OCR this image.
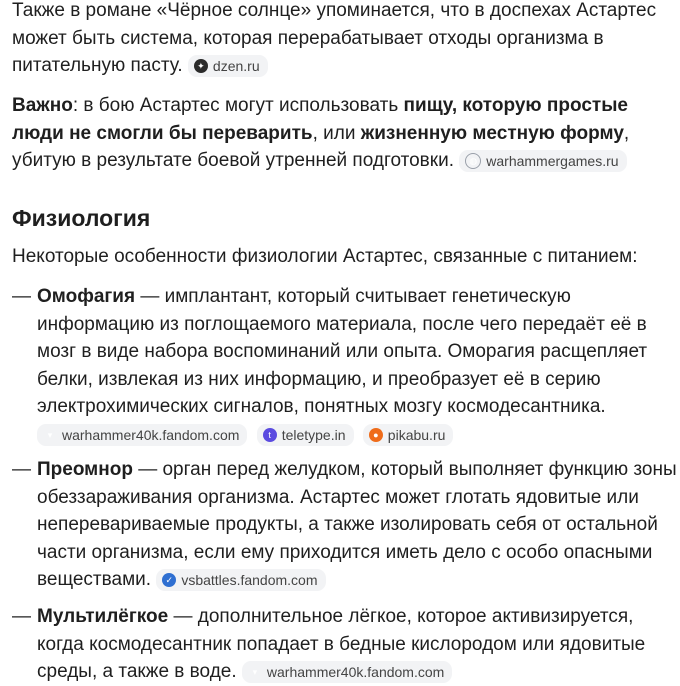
Также в романе «Чёрное солнце» упоминается, что в доспехах Астартес может быть система, которая перерабатывает отходы организма в питательную пасту.	✦ dzen.ru

Важно: в бою Астартес могут использовать пищу, которую простые люди не смогли бы переварить, или жизненную местную форму, убитую в результате боевой утренней подготовки.	◍ warhammergames.ru

Физиология

Некоторые особенности физиологии Астартес, связанные с питанием:

— Омофагия — имплантант, который считывает генетическую информацию из поглощаемого материала, после чего передаёт её в мозг в виде набора воспоминаний или опыта. Оморагия расщепляет белки, извлекая из них информацию, и преобразует её в серию электрохимических сигналов, понятных мозгу космодесантника.

▾ warhammer40k.fandom.com
	t teletype.in
	● pikabu.ru
— Преомнор — орган перед желудком, который выполняет функцию зоны обеззараживания организма. Астартес может глотать ядовитые или неперевариваемые продукты, а также изолировать себя от остальной части организма, если ему приходится иметь дело с особо опасными веществами.	✓ vsbattles.fandom.com
— Мультилёгкое — дополнительное лёгкое, которое активизируется, когда космодесантник попадает в бедные кислородом или ядовитые среды, а также в воде.	▾ warhammer40k.fandom.com
